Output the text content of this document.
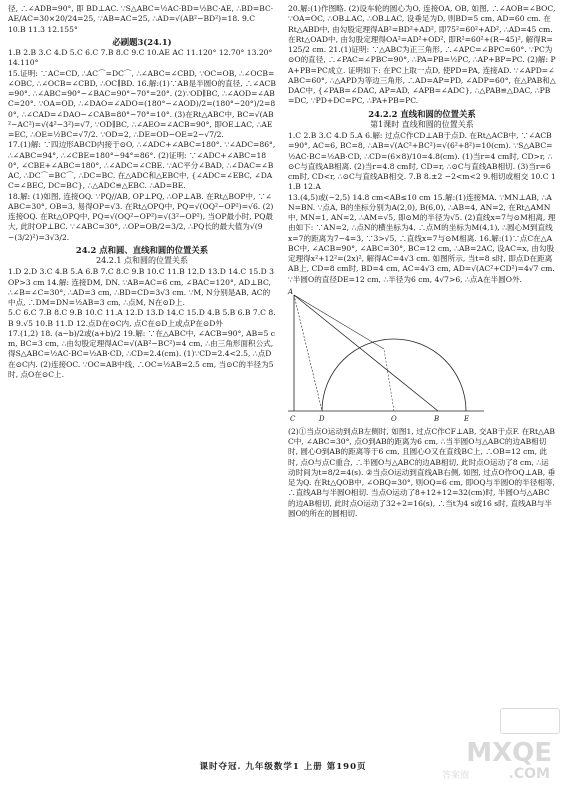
径, ∴∠ADB=90°, 即 BD⊥AC. ∵S△ABC=½AC·BD=½BC·AE, ∴BD=BC·AE/AC=30×20/24=25, ∵AB=AC=25, ∴AD=√(AB²−BD²)=18. 9.C

10.B 11.3 12.155°

必刷题3(24.1)

1.B 2.B 3.C 4.D 5.C 6.C 7.B 8.C 9.C 10.AE AC 11.120° 12.70° 13.20° 14.110°

15.证明: ∵AC=CD, ∴AC⌒=DC⌒, ∴∠ABC=∠CBD, ∵OC=OB, ∴∠OCB=∠OBC, ∴∠OCB=∠CBD, ∴OC∥BD. 16.解:(1)∵AB是半圆O的直径, ∴∠ACB=90°. ∴∠ABC=90°−∠BAC=90°−70°=20°. (2)∵OD∥BC, ∴∠AOD=∠ABC=20°. ∵OA=OD, ∴∠DAO=∠ADO=(180°−∠AOD)/2=(180°−20°)/2=80°, ∴∠CAD=∠DAO−∠CAB=80°−70°=10°. (3)在Rt△ABC中, BC=√(AB²−AC²)=√(4²−3²)=√7, ∵OD∥BC, ∴∠AEO=∠ACB=90°, 即OE⊥AC, ∴AE=EC, ∴OE=½BC=√7/2. ∵OD=2, ∴DE=OD−OE=2−√7/2.

17.(1)解: ∵四边形ABCD内接于⊙O, ∴∠ADC+∠ABC=180°. ∵∠ADC=86°, ∴∠ABC=94°, ∴∠CBE=180°−94°=86°. (2)证明: ∵∠ADC+∠ABC=180°, ∠CBE+∠ABC=180°, ∴∠ADC=∠CBE. ∵AC平分∠BAD, ∴∠DAC=∠BAC, ∴DC⌒=BC⌒, ∴DC=BC. 在△ADC和△EBC中, {∠ADC=∠EBC, ∠DAC=∠BEC, DC=BC}, ∴△ADC≌△EBC. ∴AD=BE.

18.解: (1)如图, 连接OQ. ∵PQ//AB, OP⊥PQ, ∴OP⊥AB. 在Rt△BOP中, ∵∠ABC=30°, OB=3, 易得OP=√3. 在Rt△OPQ中, PQ=√(OQ²−OP²)=√6. (2)连接OQ. 在Rt△OPQ中, PQ=√(OQ²−OP²)=√(3²−OP²), 当OP最小时, PQ最大, 此时OP⊥BC. ∵∠ABC=30°, ∴OP=OB/2=3/2, ∴PQ长的最大值为√(9−(3/2)²)=3√3/2.

24.2 点和圆、直线和圆的位置关系

24.2.1 点和圆的位置关系

1.D 2.D 3.C 4.B 5.A 6.B 7.C 8.C 9.B 10.C 11.B 12.D 13.D 14.C 15.D 3 OP>3 cm 14.解: 连接DM, DN. ∵AB=AC=6 cm, ∠BAC=120°, AD⊥BC, ∴∠B=∠C=30°, ∴AD=3 cm, ∴BD=CD=3√3 cm. ∵M, N分别是AB, AC的中点, ∴DM=DN=½AB=3 cm, ∴点M, N在⊙D上.

5.C 6.C 7.B 8.C 9.B 10.C 11.A 12.D 13.D 14.C 15.D 4.B 5.B 6.B 7.C 8.B 9.√5 10.B 11.D 12.点D在⊙C内, 点C在⊙D上或点P在⊙D外

17.(1,2) 18. (a−b)/2或(a+b)/2 19.解: ∵在△ABC中, ∠ACB=90°, AB=5 cm, BC=3 cm, ∴由勾股定理得AC=√(AB²−BC²)=4 cm, ∴由三角形面积公式, 得S△ABC=½AC·BC=½AB·CD, ∴CD=2.4(cm). (1)∵CD=2.4<2.5, ∴点D在⊙C内. (2)连接OC. ∵OC=AB中线, ∴OC=½AB=2.5 cm, 当⊙C的半径为5时, 点O在⊙C上.

20.解:(1)作图略. (2)设车轮的圆心为O, 连接OA, OB, 如图, ∴∠AOB=∠BOC, ∵OA=OC, ∴OB⊥AC, ∴OB⊥AC, 设垂足为D, 则BD=5 cm, AD=60 cm. 在Rt△ABD中, 由勾股定理得AB²=BD²+AD², 即75²=60²+AD², ∴AD=45 cm. 在Rt△OAD中, 由勾股定理得OA²=AD²+OD², 即R²=60²+(R−45)², 解得R=125/2 cm. 21.(1)证明: ∵△ABC为正三角形, ∴∠APC=∠BPC=60°. ∵PC为⊙O的直径, ∴∠PAC=∠PBC=90°, ∴PA=PB=½PC, ∴AP+BP=PC. (2)解: PA+PB=PC成立. 证明如下: 在PC上取一点D, 使PD=PA, 连接AD. ∵∠APD=∠ABC=60°, ∴△APD为等边三角形, ∴AD=AP=PD, ∠ADP=60°, 在△PAB和△DAC中, {∠PAB=∠DAC, AP=AD, ∠APB=∠ADC}, ∴△PAB≌△DAC, ∴PB=DC, ∵PD+DC=PC, ∴PA+PB=PC.

24.2.2 直线和圆的位置关系

第1课时 直线和圆的位置关系

1.C 2.B 3.C 4.D 5.A 6.解: 过点C作CD⊥AB于点D. 在Rt△ACB中, ∵∠ACB=90°, AC=6, BC=8, ∴AB=√(AC²+BC²)=√(6²+8²)=10(cm). ∵S△ABC=½AC·BC=½AB·CD, ∴CD=(6×8)/10=4.8(cm). (1)当r=4 cm时, CD>r, ∴⊙C与直线AB相离. (2)当r=4.8 cm时, CD=r, ∴⊙C与直线AB相切. (3)当r=6 cm时, CD<r, ∴⊙C与直线AB相交. 7.B 8.±2 −2<m<2 9.相切或相交 10.C 11.B 12.A

13.(4,5)或(−2,5) 14.8 cm<AB≤10 cm 15.解:(1)连接MA. ∵MN⊥AB, ∴AN=BN. ∵点A, B的坐标分别为A(2,0), B(6,0), ∴AB=4, AN=2, 在Rt△AMN中, MN=1, AN=2, ∴AM=√5, 即⊙M的半径为√5. (2)直线x=7与⊙M相离, 理由如下: ∵AN=2, ∴点N的横坐标为4, ∴点M的坐标为M(4,1), ∴圆心M到直线x=7的距离为7−4=3, ∵3>√5, ∴直线x=7与⊙M相离. 16.解:(1)∵点C在△ABC中, ∠ACB=90°, ∠ABC=30°, BC=12 cm, ∴AB=2AC, 设AC=x, 由勾股定理得x²+12²=(2x)², 解得AC=4√3 cm. 如图所示, 当t=8 s时, 即点D在距离AB上, CD=8 cm时, BD=4 cm, AC=4√3 cm, AD=√(AC²+CD²)=4√7 cm. ∵半圆O的直径DE=12 cm, ∴半径为6 cm, 4√7>6, ∴点A在半圆O外.

A
C	D	O	B	E

(2)①当点O运动到点B左侧时, 如图1, 过点C作CF⊥AB, 交AB于点F. 在Rt△ABC中, ∠ABC=30°, 点O到AB的距离为6 cm, ∴当半圆O与△ABC的边AB相切时, 圆心O到AB的距离等于6 cm, 且圆心O又在直线BC上, ∴OB=12 cm, 此时, 点O与点C重合, ∴半圆O与△ABC的边AB相切, 此时点O运动了8 cm, ∴运动时间为t=8/2=4(s). ②当点O运动到直线AB右侧, 如图, 过点O作OQ⊥AB, 垂足为Q. 在Rt△QOB中, ∠OBQ=30°, 则OQ=6 cm, 即OQ与半圆O的半径相等, ∴直线AB与半圆O相切. 当点O运动了8+12+12=32(cm)时, 半圆O与△ABC的边AB相切, 此时点O运动了32÷2=16(s), ∴当t为4 s或16 s时, 直线AB与半圆O的所在的圆相切.

MXQE
.COM
答案圈
课时夺冠. 九年级数学1 上册 第190页
